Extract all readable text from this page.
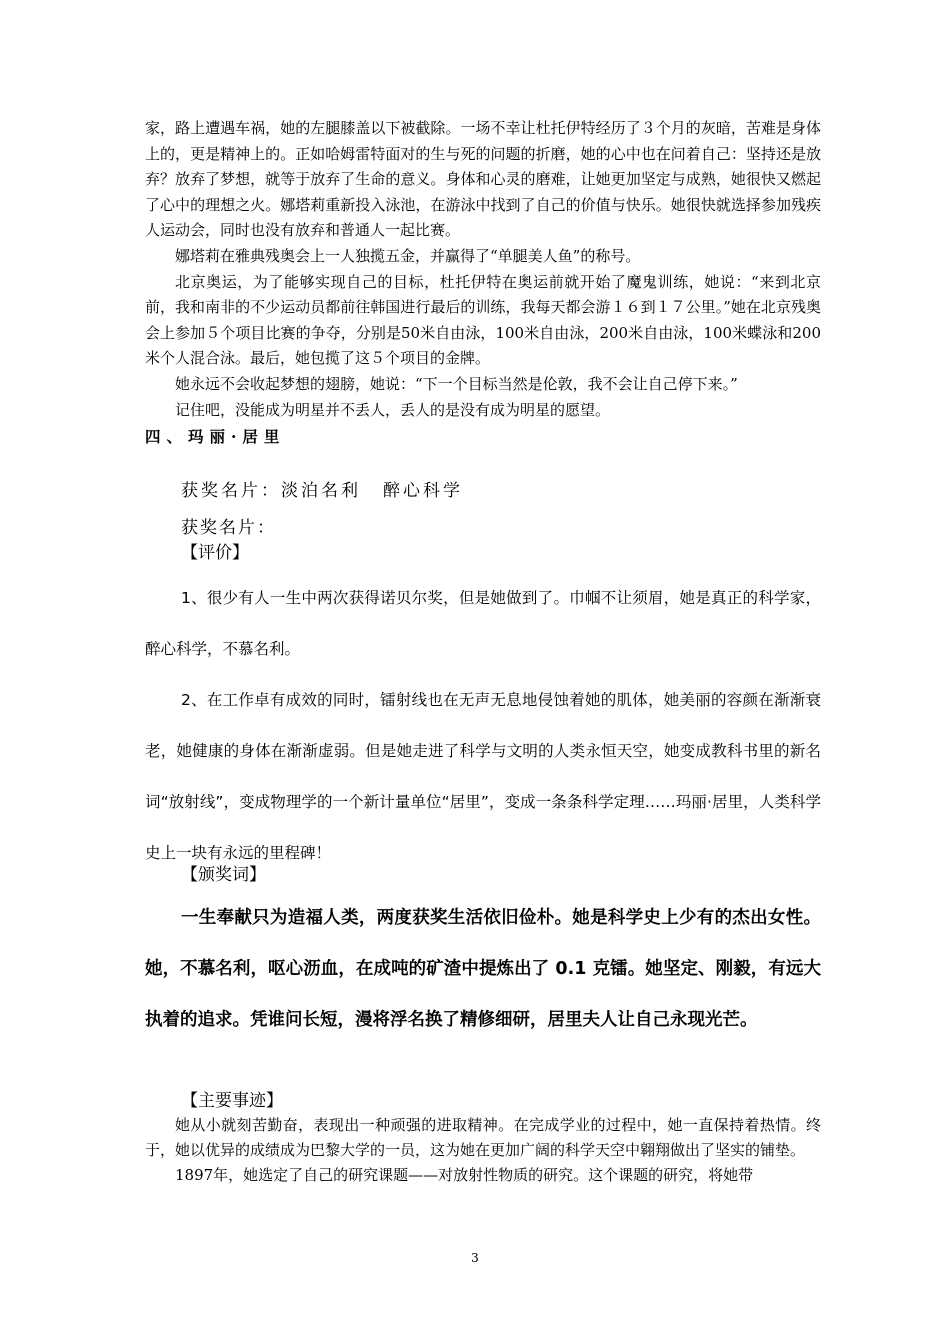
家，路上遭遇车祸，她的左腿膝盖以下被截除。一场不幸让杜托伊特经历了３个月的灰暗，苦难是身体上的，更是精神上的。正如哈姆雷特面对的生与死的问题的折磨，她的心中也在问着自己：坚持还是放弃？放弃了梦想，就等于放弃了生命的意义。身体和心灵的磨难，让她更加坚定与成熟，她很快又燃起了心中的理想之火。娜塔莉重新投入泳池，在游泳中找到了自己的价值与快乐。她很快就选择参加残疾人运动会，同时也没有放弃和普通人一起比赛。

娜塔莉在雅典残奥会上一人独揽五金，并赢得了“单腿美人鱼”的称号。

北京奥运，为了能够实现自己的目标，杜托伊特在奥运前就开始了魔鬼训练，她说：“来到北京前，我和南非的不少运动员都前往韩国进行最后的训练，我每天都会游１６到１７公里。”她在北京残奥会上参加５个项目比赛的争夺，分别是50米自由泳，100米自由泳，200米自由泳，100米蝶泳和200米个人混合泳。最后，她包揽了这５个项目的金牌。

她永远不会收起梦想的翅膀，她说：“下一个目标当然是伦敦，我不会让自己停下来。”

记住吧，没能成为明星并不丢人，丢人的是没有成为明星的愿望。

四、玛丽·居里
获奖名片：淡泊名利 醉心科学
获奖名片：
【评价】

1、很少有人一生中两次获得诺贝尔奖，但是她做到了。巾帼不让须眉，她是真正的科学家，醉心科学，不慕名利。

2、在工作卓有成效的同时，镭射线也在无声无息地侵蚀着她的肌体，她美丽的容颜在渐渐衰老，她健康的身体在渐渐虚弱。但是她走进了科学与文明的人类永恒天空，她变成教科书里的新名词“放射线”，变成物理学的一个新计量单位“居里”，变成一条条科学定理……玛丽·居里，人类科学史上一块有永远的里程碑！

【颁奖词】

一生奉献只为造福人类，两度获奖生活依旧俭朴。她是科学史上少有的杰出女性。她，不慕名利，呕心沥血，在成吨的矿渣中提炼出了 0.1 克镭。她坚定、刚毅，有远大执着的追求。凭谁问长短，漫将浮名换了精修细研，居里夫人让自己永现光芒。

【主要事迹】

她从小就刻苦勤奋，表现出一种顽强的进取精神。在完成学业的过程中，她一直保持着热情。终于，她以优异的成绩成为巴黎大学的一员，这为她在更加广阔的科学天空中翱翔做出了坚实的铺垫。

1897年，她选定了自己的研究课题——对放射性物质的研究。这个课题的研究，将她带

3
